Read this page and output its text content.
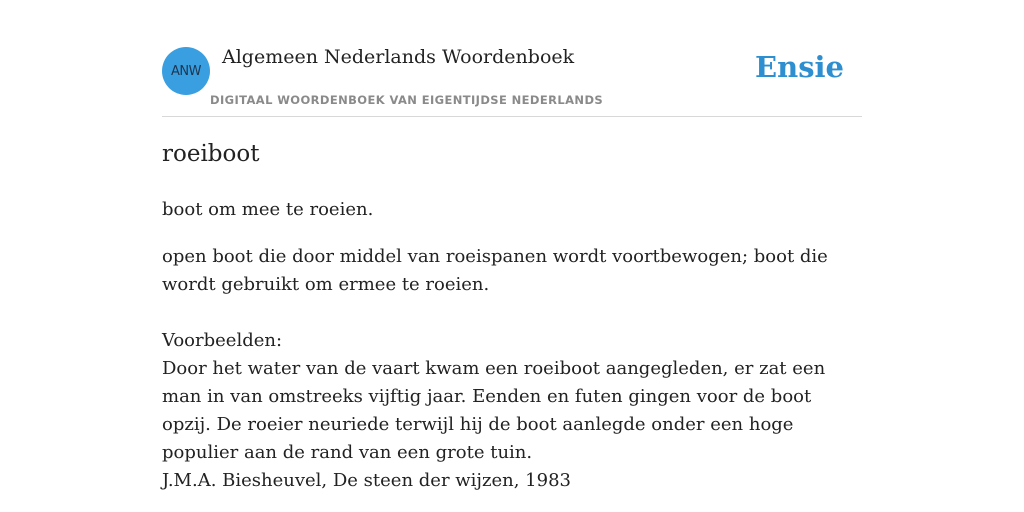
ANW
Algemeen Nederlands Woordenboek
DIGITAAL WOORDENBOEK VAN EIGENTIJDSE NEDERLANDS
Ensie
roeiboot

boot om mee te roeien.

open boot die door middel van roeispanen wordt voortbewogen; boot die wordt gebruikt om ermee te roeien.

Voorbeelden:

Door het water van de vaart kwam een roeiboot aangegleden, er zat een man in van omstreeks vijftig jaar. Eenden en futen gingen voor de boot opzij. De roeier neuriede terwijl hij de boot aanlegde onder een hoge populier aan de rand van een grote tuin.

J.M.A. Biesheuvel, De steen der wijzen, 1983
